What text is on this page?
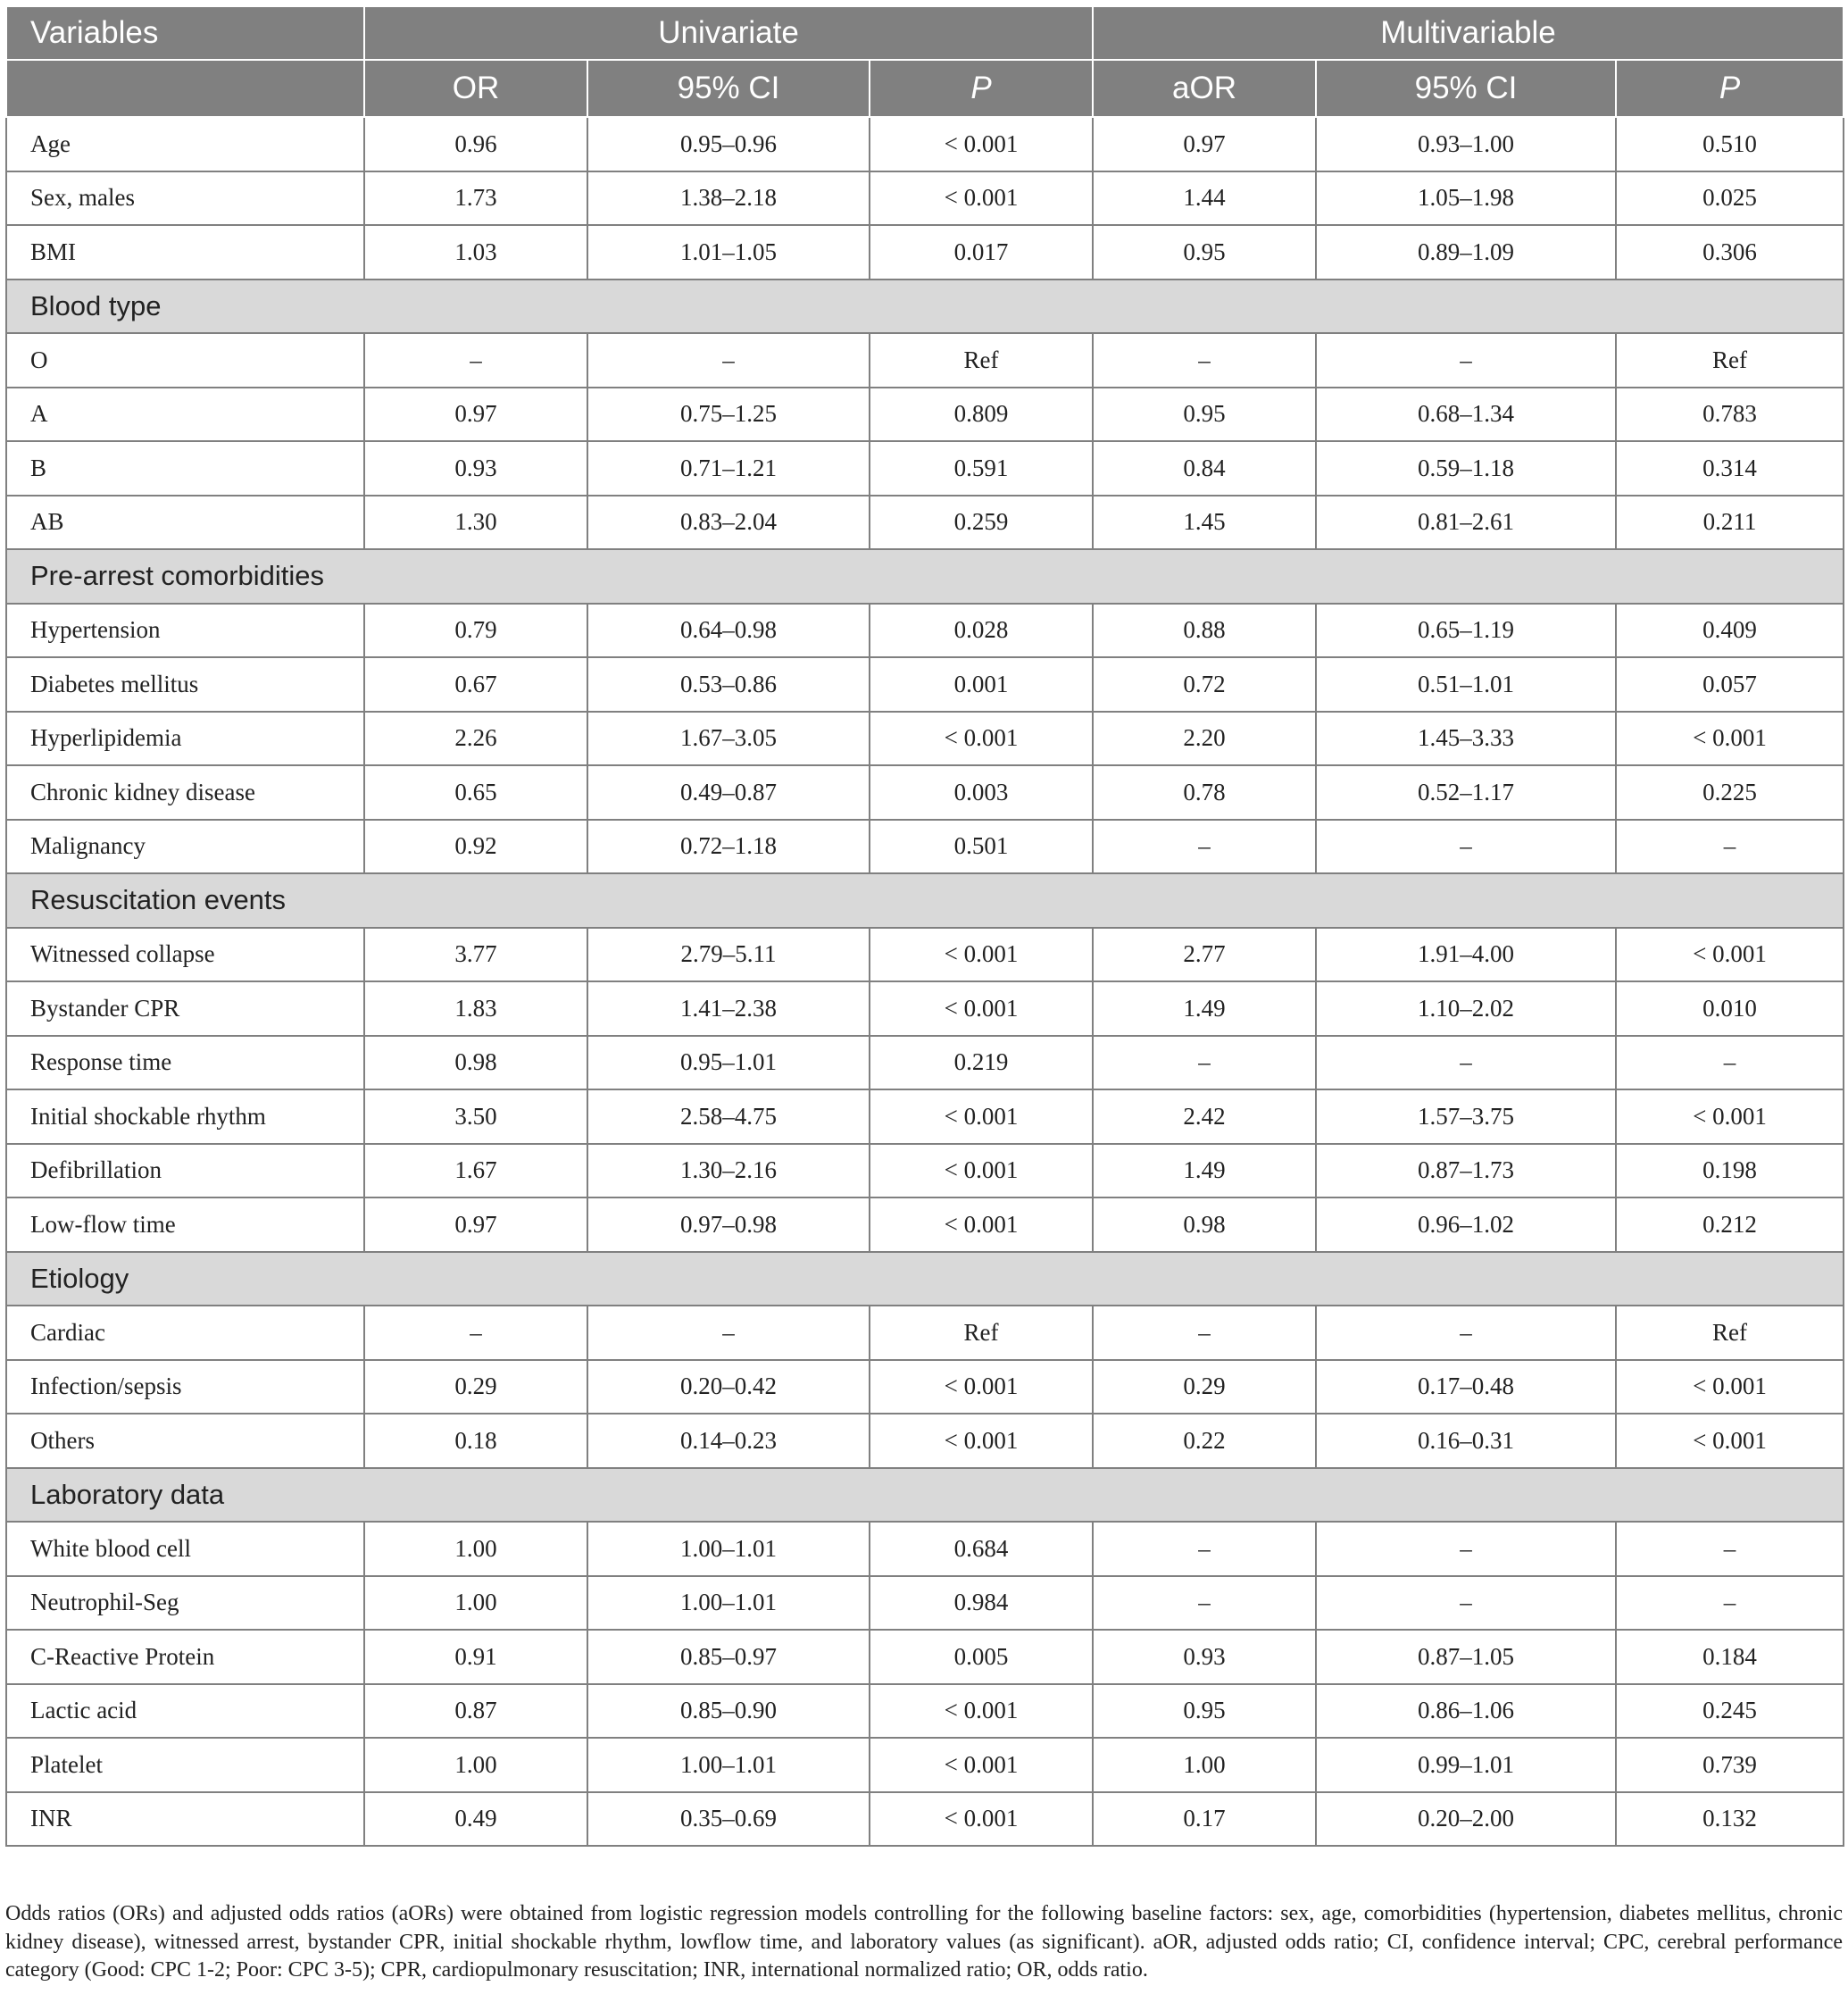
Variables	Univariate			Multivariable		
	OR	95% CI	P	aOR	95% CI	P
Age	0.96	0.95–0.96	< 0.001	0.97	0.93–1.00	0.510
Sex, males	1.73	1.38–2.18	< 0.001	1.44	1.05–1.98	0.025
BMI	1.03	1.01–1.05	0.017	0.95	0.89–1.09	0.306
Blood type						
O	–	–	Ref	–	–	Ref
A	0.97	0.75–1.25	0.809	0.95	0.68–1.34	0.783
B	0.93	0.71–1.21	0.591	0.84	0.59–1.18	0.314
AB	1.30	0.83–2.04	0.259	1.45	0.81–2.61	0.211
Pre-arrest comorbidities						
Hypertension	0.79	0.64–0.98	0.028	0.88	0.65–1.19	0.409
Diabetes mellitus	0.67	0.53–0.86	0.001	0.72	0.51–1.01	0.057
Hyperlipidemia	2.26	1.67–3.05	< 0.001	2.20	1.45–3.33	< 0.001
Chronic kidney disease	0.65	0.49–0.87	0.003	0.78	0.52–1.17	0.225
Malignancy	0.92	0.72–1.18	0.501	–	–	–
Resuscitation events						
Witnessed collapse	3.77	2.79–5.11	< 0.001	2.77	1.91–4.00	< 0.001
Bystander CPR	1.83	1.41–2.38	< 0.001	1.49	1.10–2.02	0.010
Response time	0.98	0.95–1.01	0.219	–	–	–
Initial shockable rhythm	3.50	2.58–4.75	< 0.001	2.42	1.57–3.75	< 0.001
Defibrillation	1.67	1.30–2.16	< 0.001	1.49	0.87–1.73	0.198
Low-flow time	0.97	0.97–0.98	< 0.001	0.98	0.96–1.02	0.212
Etiology						
Cardiac	–	–	Ref	–	–	Ref
Infection/sepsis	0.29	0.20–0.42	< 0.001	0.29	0.17–0.48	< 0.001
Others	0.18	0.14–0.23	< 0.001	0.22	0.16–0.31	< 0.001
Laboratory data						
White blood cell	1.00	1.00–1.01	0.684	–	–	–
Neutrophil-Seg	1.00	1.00–1.01	0.984	–	–	–
C-Reactive Protein	0.91	0.85–0.97	0.005	0.93	0.87–1.05	0.184
Lactic acid	0.87	0.85–0.90	< 0.001	0.95	0.86–1.06	0.245
Platelet	1.00	1.00–1.01	< 0.001	1.00	0.99–1.01	0.739
INR	0.49	0.35–0.69	< 0.001	0.17	0.20–2.00	0.132
Odds ratios (ORs) and adjusted odds ratios (aORs) were obtained from logistic regression models controlling for the following baseline factors: sex, age, comorbidities (hypertension, diabetes mellitus, chronic kidney disease), witnessed arrest, bystander CPR, initial shockable rhythm, lowflow time, and laboratory values (as significant). aOR, adjusted odds ratio; CI, confidence interval; CPC, cerebral performance category (Good: CPC 1-2; Poor: CPC 3-5); CPR, cardiopulmonary resuscitation; INR, international normalized ratio; OR, odds ratio.
